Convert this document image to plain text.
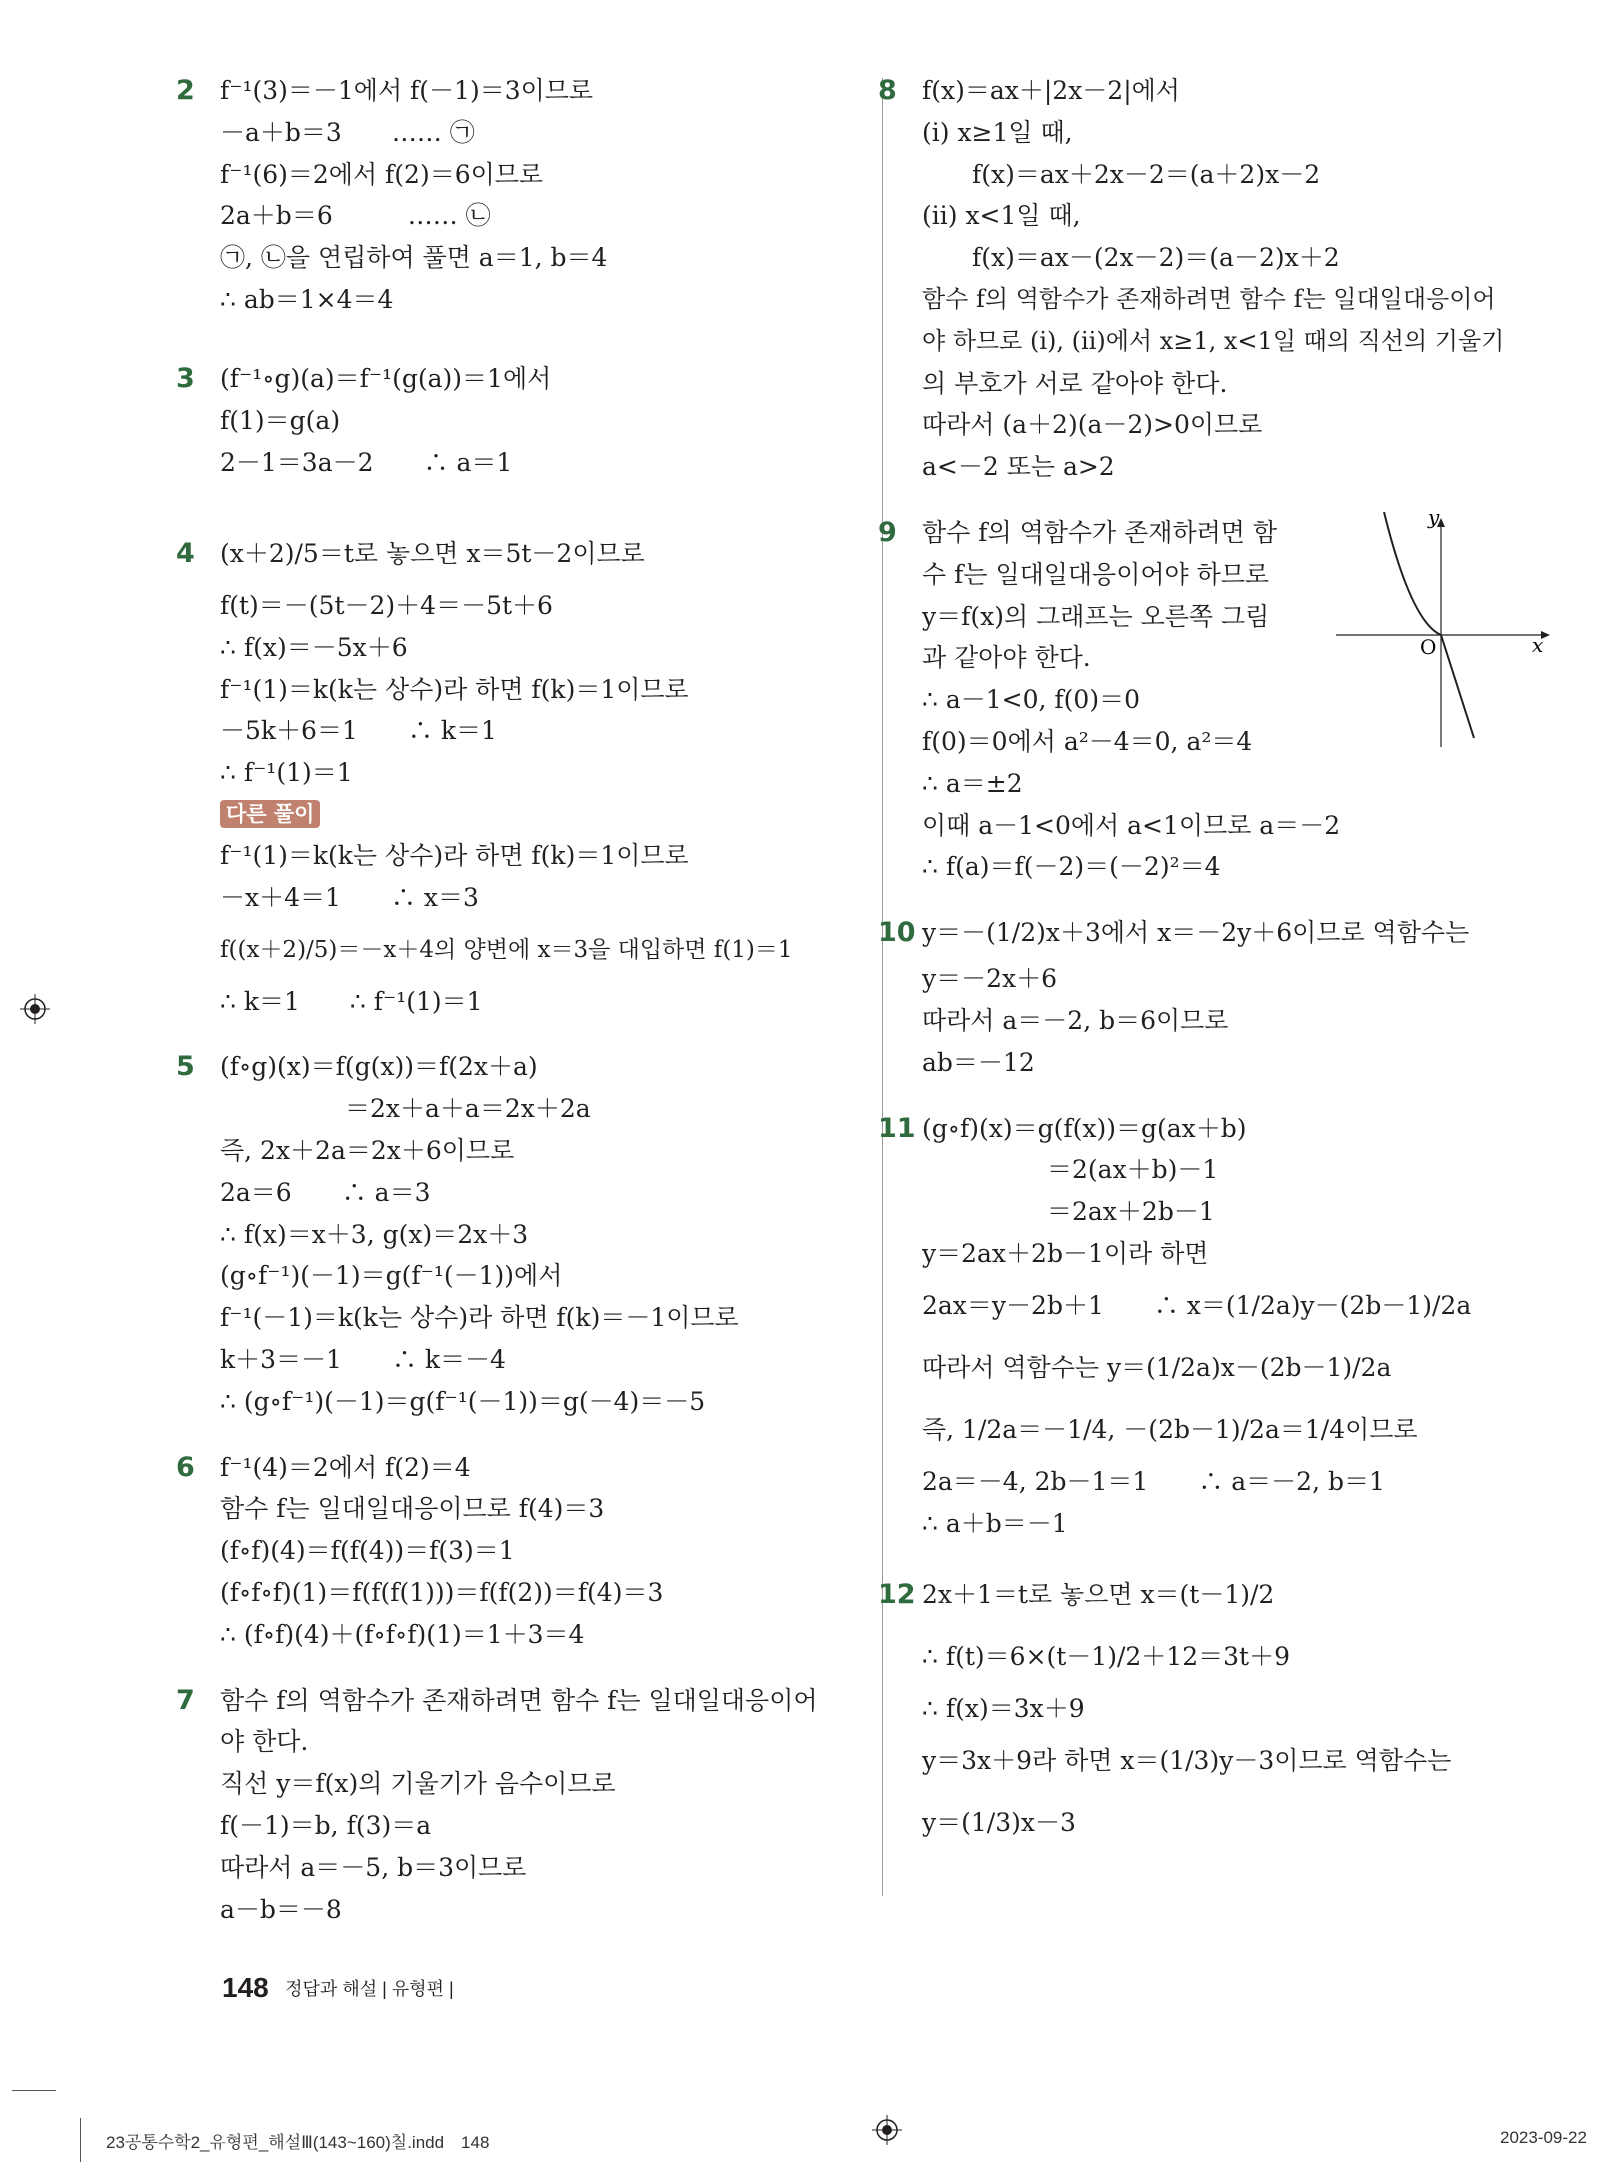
2	f⁻¹(3)＝－1에서 f(－1)＝3이므로
－a＋b＝3　　…… ㉠
f⁻¹(6)＝2에서 f(2)＝6이므로
2a＋b＝6　　　…… ㉡
㉠, ㉡을 연립하여 풀면 a＝1, b＝4
∴ ab＝1×4＝4
3	(f⁻¹∘g)(a)＝f⁻¹(g(a))＝1에서
f(1)＝g(a)
2－1＝3a－2　　∴ a＝1
4	(x＋2)/5＝t로 놓으면 x＝5t－2이므로
f(t)＝－(5t－2)＋4＝－5t＋6
∴ f(x)＝－5x＋6
f⁻¹(1)＝k(k는 상수)라 하면 f(k)＝1이므로
－5k＋6＝1　　∴ k＝1
∴ f⁻¹(1)＝1
다른 풀이
f⁻¹(1)＝k(k는 상수)라 하면 f(k)＝1이므로
－x＋4＝1　　∴ x＝3
f((x＋2)/5)＝－x＋4의 양변에 x＝3을 대입하면 f(1)＝1
∴ k＝1　　∴ f⁻¹(1)＝1
5	(f∘g)(x)＝f(g(x))＝f(2x＋a)
　　　　　＝2x＋a＋a＝2x＋2a
즉, 2x＋2a＝2x＋6이므로
2a＝6　　∴ a＝3
∴ f(x)＝x＋3, g(x)＝2x＋3
(g∘f⁻¹)(－1)＝g(f⁻¹(－1))에서
f⁻¹(－1)＝k(k는 상수)라 하면 f(k)＝－1이므로
k＋3＝－1　　∴ k＝－4
∴ (g∘f⁻¹)(－1)＝g(f⁻¹(－1))＝g(－4)＝－5
6	f⁻¹(4)＝2에서 f(2)＝4
함수 f는 일대일대응이므로 f(4)＝3
(f∘f)(4)＝f(f(4))＝f(3)＝1
(f∘f∘f)(1)＝f(f(f(1)))＝f(f(2))＝f(4)＝3
∴ (f∘f)(4)＋(f∘f∘f)(1)＝1＋3＝4
7	함수 f의 역함수가 존재하려면 함수 f는 일대일대응이어
야 한다.
직선 y＝f(x)의 기울기가 음수이므로
f(－1)＝b, f(3)＝a
따라서 a＝－5, b＝3이므로
a－b＝－8
8	f(x)＝ax＋|2x－2|에서
(ⅰ) x≥1일 때,
　　f(x)＝ax＋2x－2＝(a＋2)x－2
(ⅱ) x<1일 때,
　　f(x)＝ax－(2x－2)＝(a－2)x＋2
함수 f의 역함수가 존재하려면 함수 f는 일대일대응이어
야 하므로 (ⅰ), (ⅱ)에서 x≥1, x<1일 때의 직선의 기울기
의 부호가 서로 같아야 한다.
따라서 (a＋2)(a－2)>0이므로
a<－2 또는 a>2
9	함수 f의 역함수가 존재하려면 함
수 f는 일대일대응이어야 하므로
y＝f(x)의 그래프는 오른쪽 그림
과 같아야 한다.
∴ a－1<0, f(0)＝0
f(0)＝0에서 a²－4＝0, a²＝4
∴ a＝±2
이때 a－1<0에서 a<1이므로 a＝－2
∴ f(a)＝f(－2)＝(－2)²＝4
10 y＝－(1/2)x＋3에서 x＝－2y＋6이므로 역함수는
y＝－2x＋6
따라서 a＝－2, b＝6이므로
ab＝－12
11 (g∘f)(x)＝g(f(x))＝g(ax＋b)
　　　　　＝2(ax＋b)－1
　　　　　＝2ax＋2b－1
y＝2ax＋2b－1이라 하면
2ax＝y－2b＋1　　∴ x＝(1/2a)y－(2b－1)/2a
따라서 역함수는 y＝(1/2a)x－(2b－1)/2a
즉, 1/2a＝－1/4, －(2b－1)/2a＝1/4이므로
2a＝－4, 2b－1＝1　　∴ a＝－2, b＝1
∴ a＋b＝－1
12 2x＋1＝t로 놓으면 x＝(t－1)/2
∴ f(t)＝6×(t－1)/2＋12＝3t＋9
∴ f(x)＝3x＋9
y＝3x＋9라 하면 x＝(1/3)y－3이므로 역함수는
y＝(1/3)x－3
y
x
O
148 정답과 해설 | 유형편 |
23공통수학2_유형편_해설Ⅲ(143~160)칠.indd　148	2023-09-22
